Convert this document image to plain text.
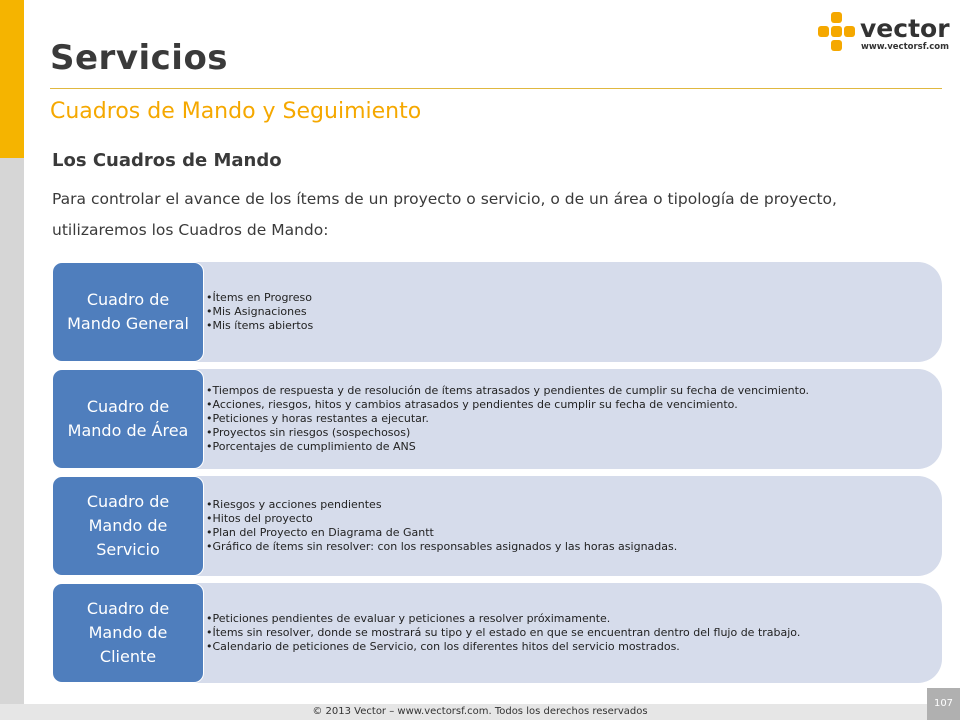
Servicios
Cuadros de Mando y Seguimiento
Los Cuadros de Mando
Para controlar el avance de los ítems de un proyecto o servicio, o de un área o tipología de proyecto, utilizaremos los Cuadros de Mando:
vector
www.vectorsf.com
• Ítems en Progreso
• Mis Asignaciones
• Mis ítems abiertos
Cuadro de Mando General
• Tiempos de respuesta y de resolución de ítems atrasados y pendientes de cumplir su fecha de vencimiento.
• Acciones, riesgos, hitos y cambios atrasados y pendientes de cumplir su fecha de vencimiento.
• Peticiones y horas restantes a ejecutar.
• Proyectos sin riesgos (sospechosos)
• Porcentajes de cumplimiento de ANS
Cuadro de Mando de Área
• Riesgos y acciones pendientes
• Hitos del proyecto
• Plan del Proyecto en Diagrama de Gantt
• Gráfico de ítems sin resolver: con los responsables asignados y las horas asignadas.
Cuadro de Mando de Servicio
• Peticiones pendientes de evaluar y peticiones a resolver próximamente.
• Ítems sin resolver, donde se mostrará su tipo y el estado en que se encuentran dentro del flujo de trabajo.
• Calendario de peticiones de Servicio, con los diferentes hitos del servicio mostrados.
Cuadro de Mando de Cliente
© 2013 Vector – www.vectorsf.com. Todos los derechos reservados
107
